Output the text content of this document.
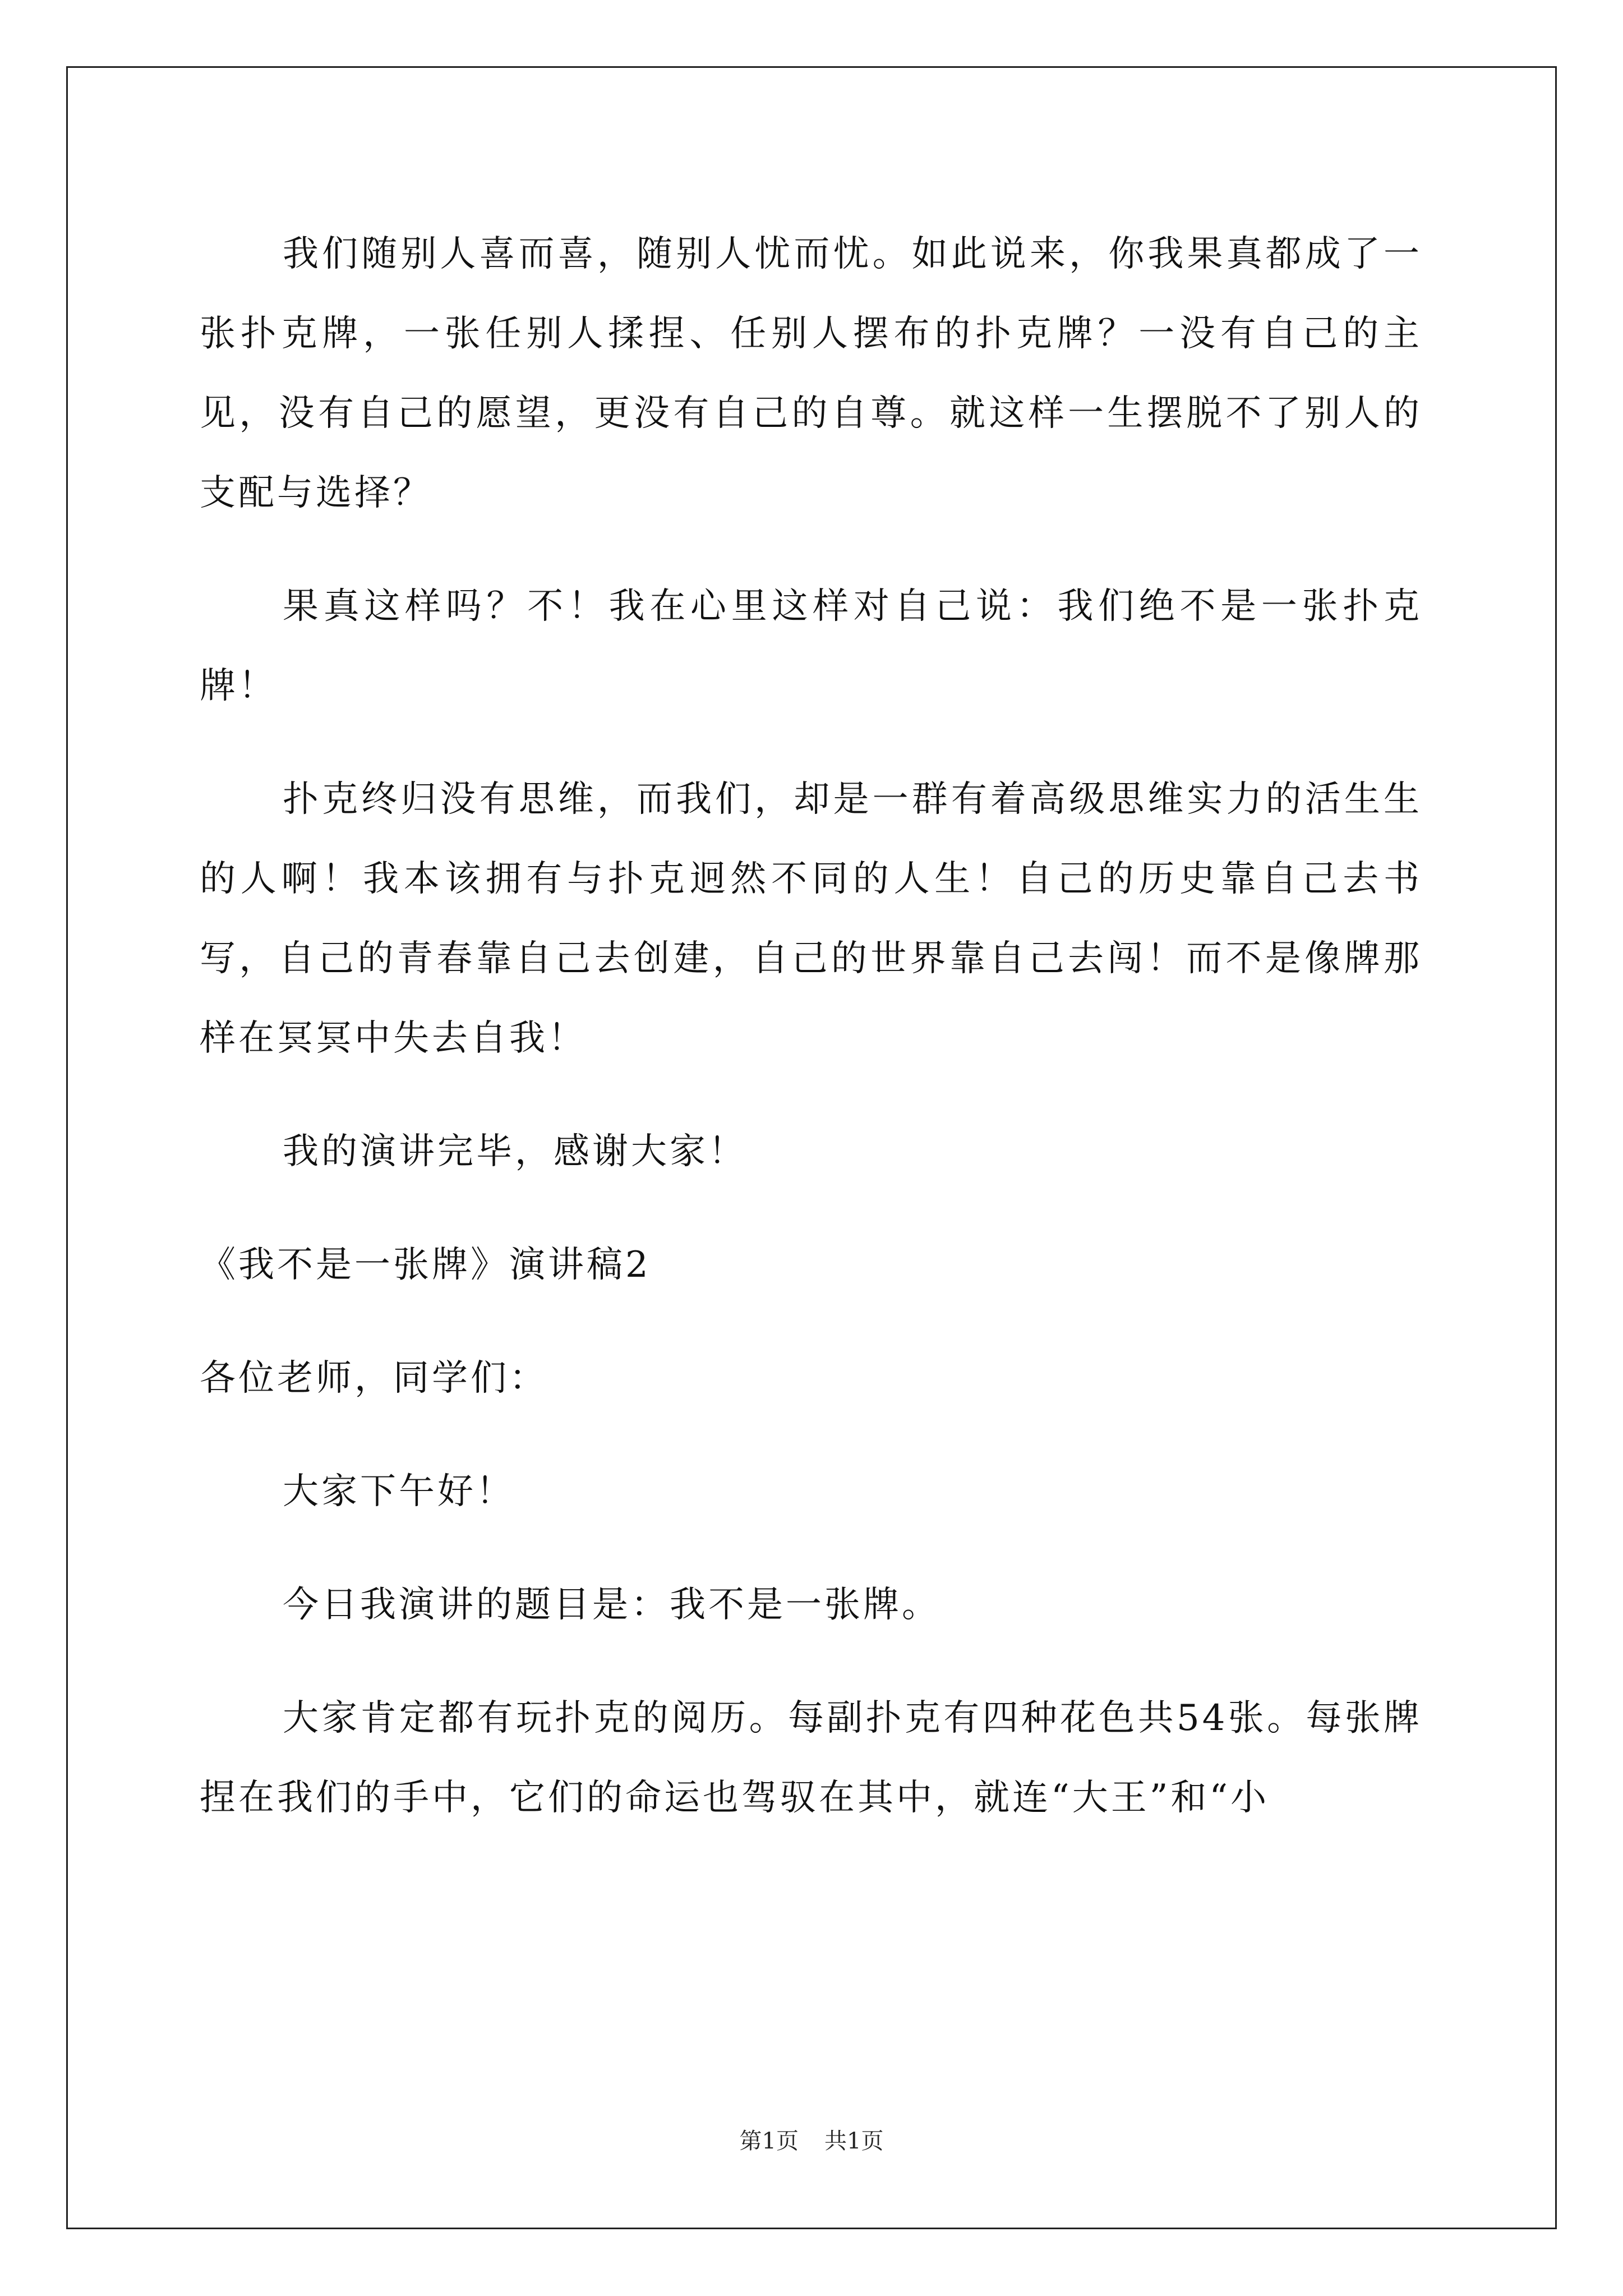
我们随别人喜而喜，随别人忧而忧。如此说来，你我果真都成了一张扑克牌，一张任别人揉捏、任别人摆布的扑克牌？一没有自己的主见，没有自己的愿望，更没有自己的自尊。就这样一生摆脱不了别人的支配与选择？

果真这样吗？不！我在心里这样对自己说：我们绝不是一张扑克牌！

扑克终归没有思维，而我们，却是一群有着高级思维实力的活生生的人啊！我本该拥有与扑克迥然不同的人生！自己的历史靠自己去书写，自己的青春靠自己去创建，自己的世界靠自己去闯！而不是像牌那样在冥冥中失去自我！

我的演讲完毕，感谢大家！

《我不是一张牌》演讲稿2

各位老师，同学们：

大家下午好！

今日我演讲的题目是：我不是一张牌。

大家肯定都有玩扑克的阅历。每副扑克有四种花色共54张。每张牌捏在我们的手中，它们的命运也驾驭在其中，就连“大王”和“小

第1页 共1页
